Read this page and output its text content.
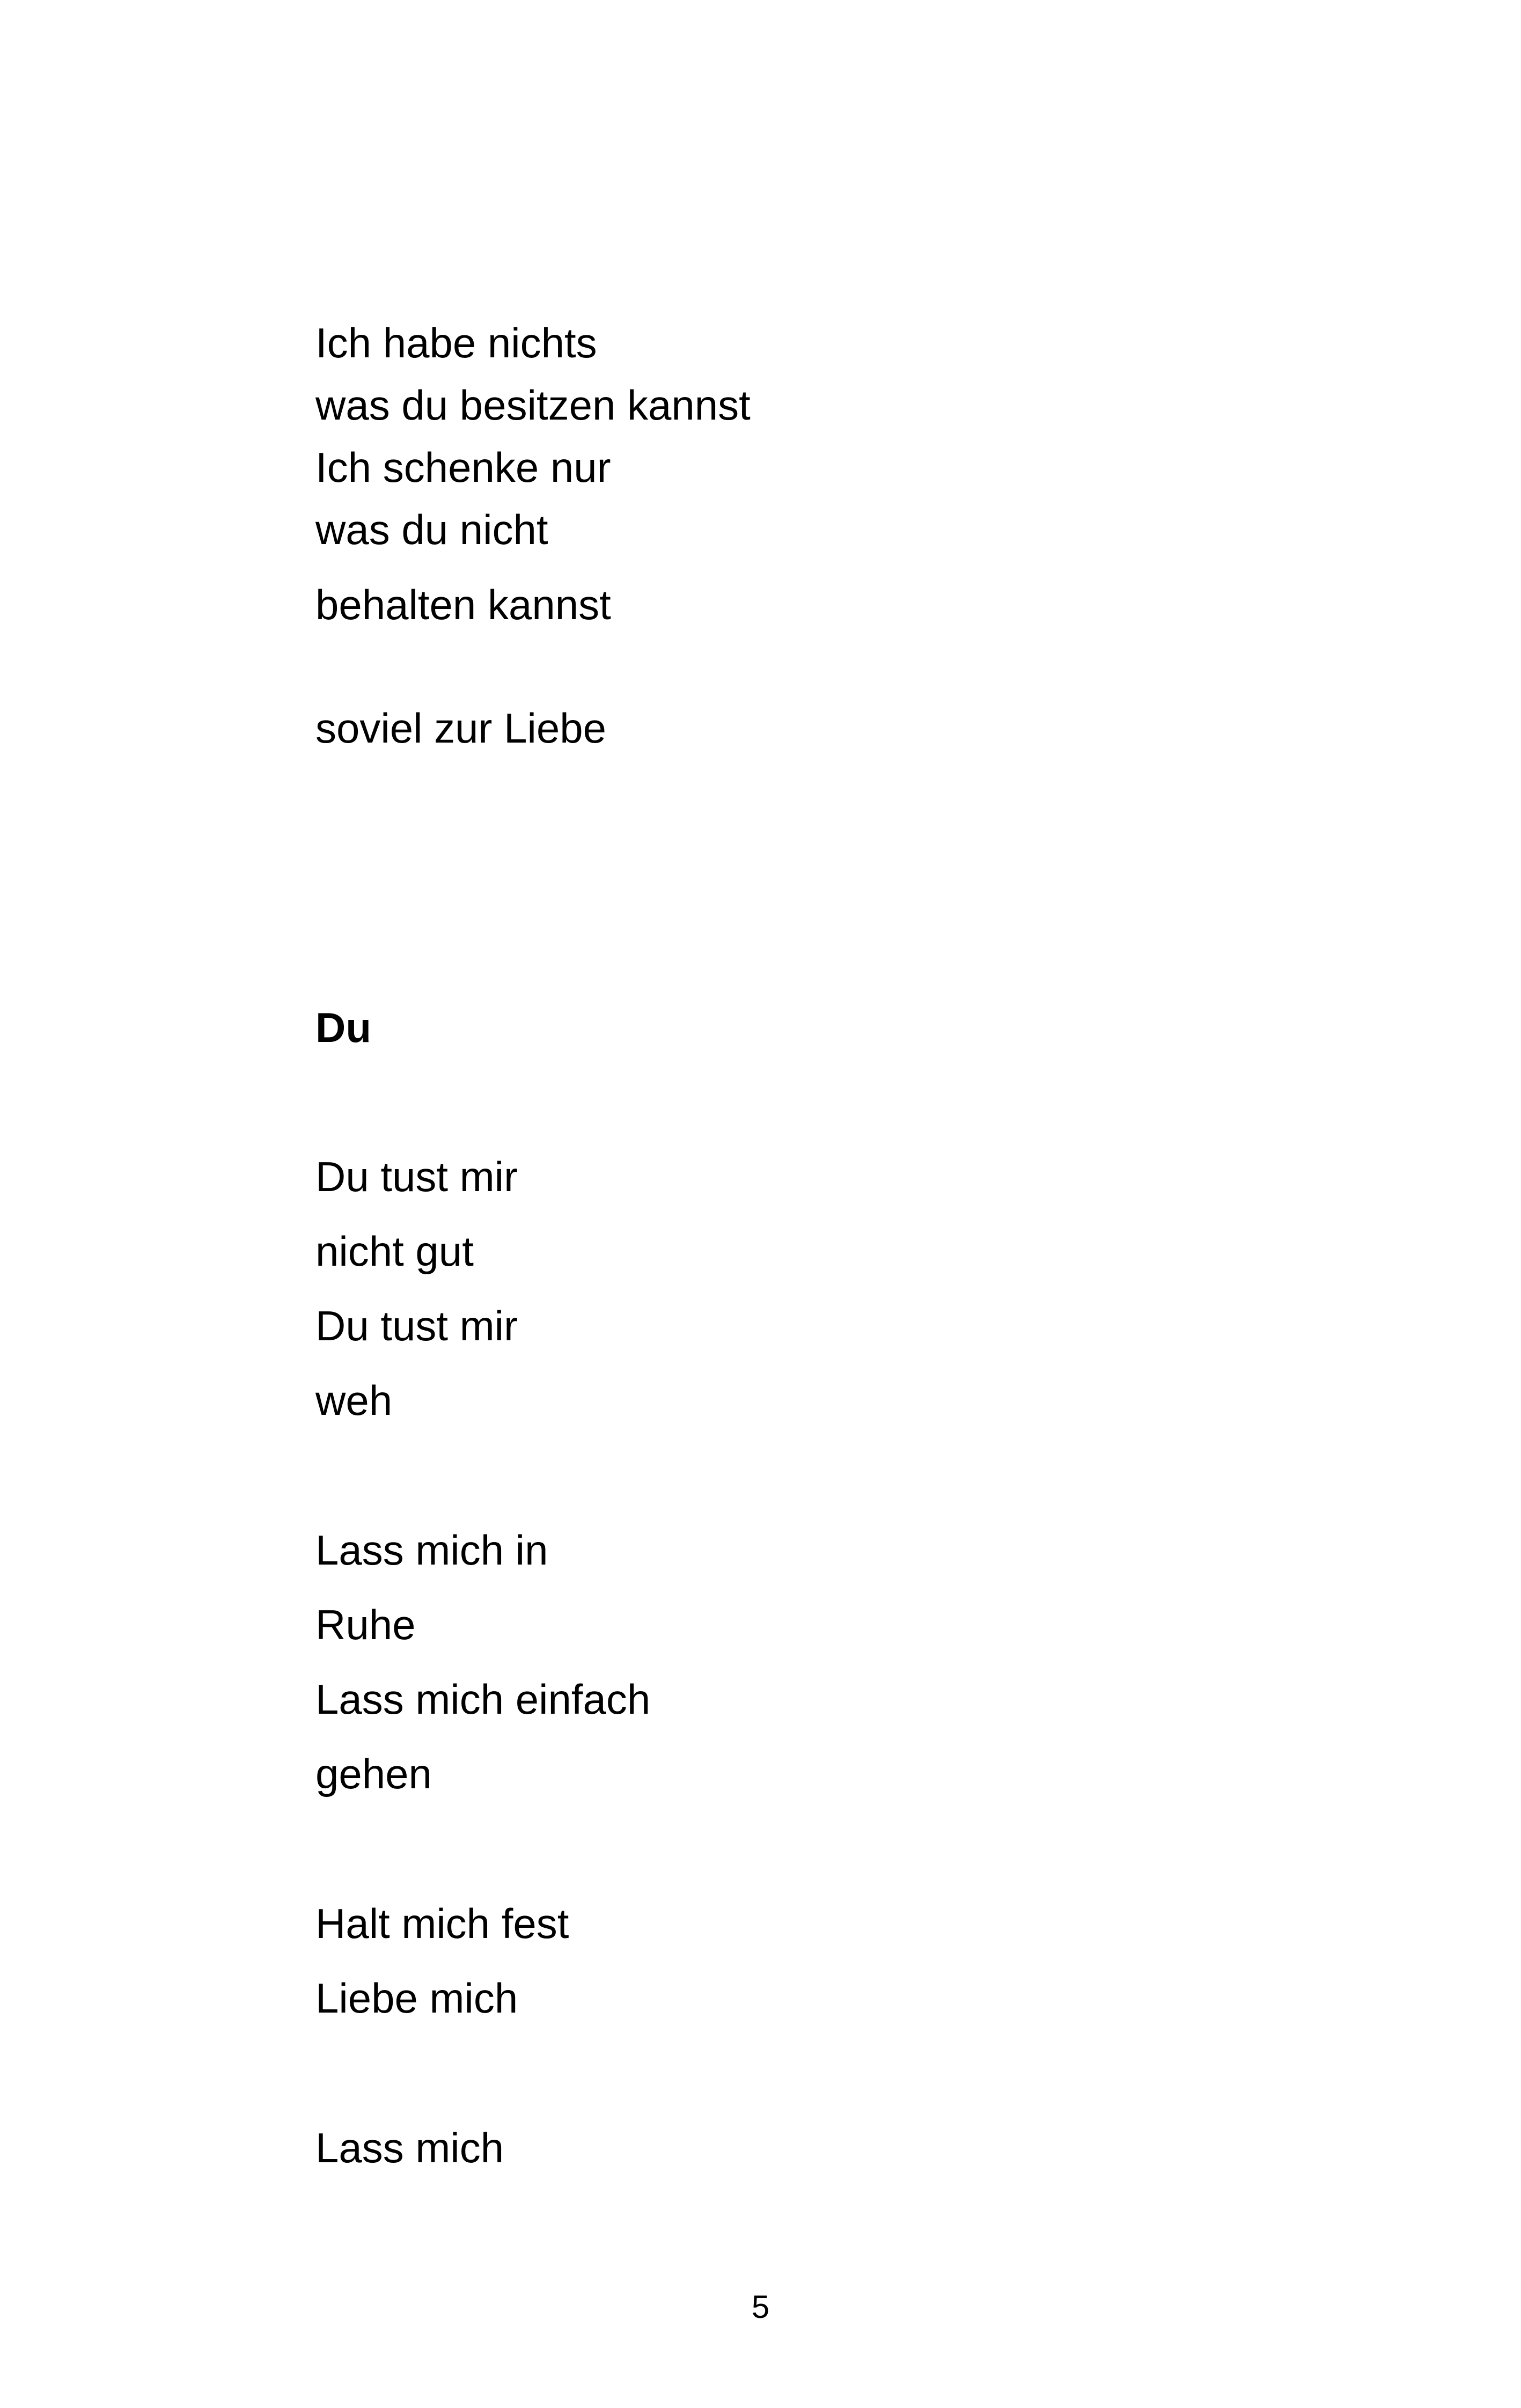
Ich habe nichts
was du besitzen kannst
Ich schenke nur
was du nicht
behalten kannst
soviel zur Liebe
Du
Du tust mir
nicht gut
Du tust mir
weh
Lass mich in
Ruhe
Lass mich einfach
gehen
Halt mich fest
Liebe mich
Lass mich
5
